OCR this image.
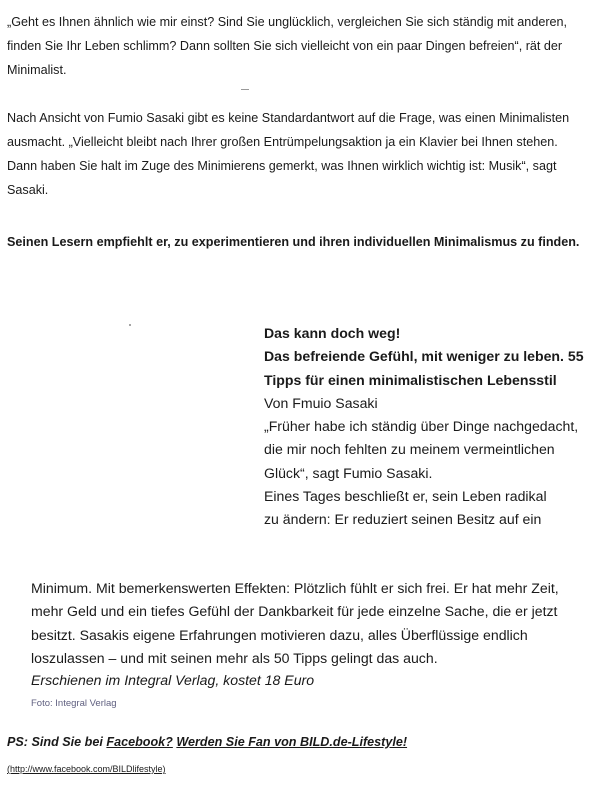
„Geht es Ihnen ähnlich wie mir einst? Sind Sie unglücklich, vergleichen Sie sich ständig mit anderen, finden Sie Ihr Leben schlimm? Dann sollten Sie sich vielleicht von ein paar Dingen befreien“, rät der Minimalist.

Nach Ansicht von Fumio Sasaki gibt es keine Standardantwort auf die Frage, was einen Minimalisten ausmacht. „Vielleicht bleibt nach Ihrer großen Entrümpelungsaktion ja ein Klavier bei Ihnen stehen. Dann haben Sie halt im Zuge des Minimierens gemerkt, was Ihnen wirklich wichtig ist: Musik“, sagt Sasaki.

Seinen Lesern empfiehlt er, zu experimentieren und ihren individuellen Minimalismus zu finden.

Das kann doch weg!
Das befreiende Gefühl, mit weniger zu leben. 55 Tipps für einen minimalistischen Lebensstil
Von Fmuio Sasaki
„Früher habe ich ständig über Dinge nachgedacht, die mir noch fehlten zu meinem vermeintlichen Glück“, sagt Fumio Sasaki.
Eines Tages beschließt er, sein Leben radikal
zu ändern: Er reduziert seinen Besitz auf ein

Minimum. Mit bemerkenswerten Effekten: Plötzlich fühlt er sich frei. Er hat mehr Zeit, mehr Geld und ein tiefes Gefühl der Dankbarkeit für jede einzelne Sache, die er jetzt besitzt. Sasakis eigene Erfahrungen motivieren dazu, alles Überflüssige endlich loszulassen – und mit seinen mehr als 50 Tipps gelingt das auch.

Erschienen im Integral Verlag, kostet 18 Euro

Foto: Integral Verlag
PS: Sind Sie bei Facebook? Werden Sie Fan von BILD.de-Lifestyle!
(http://www.facebook.com/BILDlifestyle)
